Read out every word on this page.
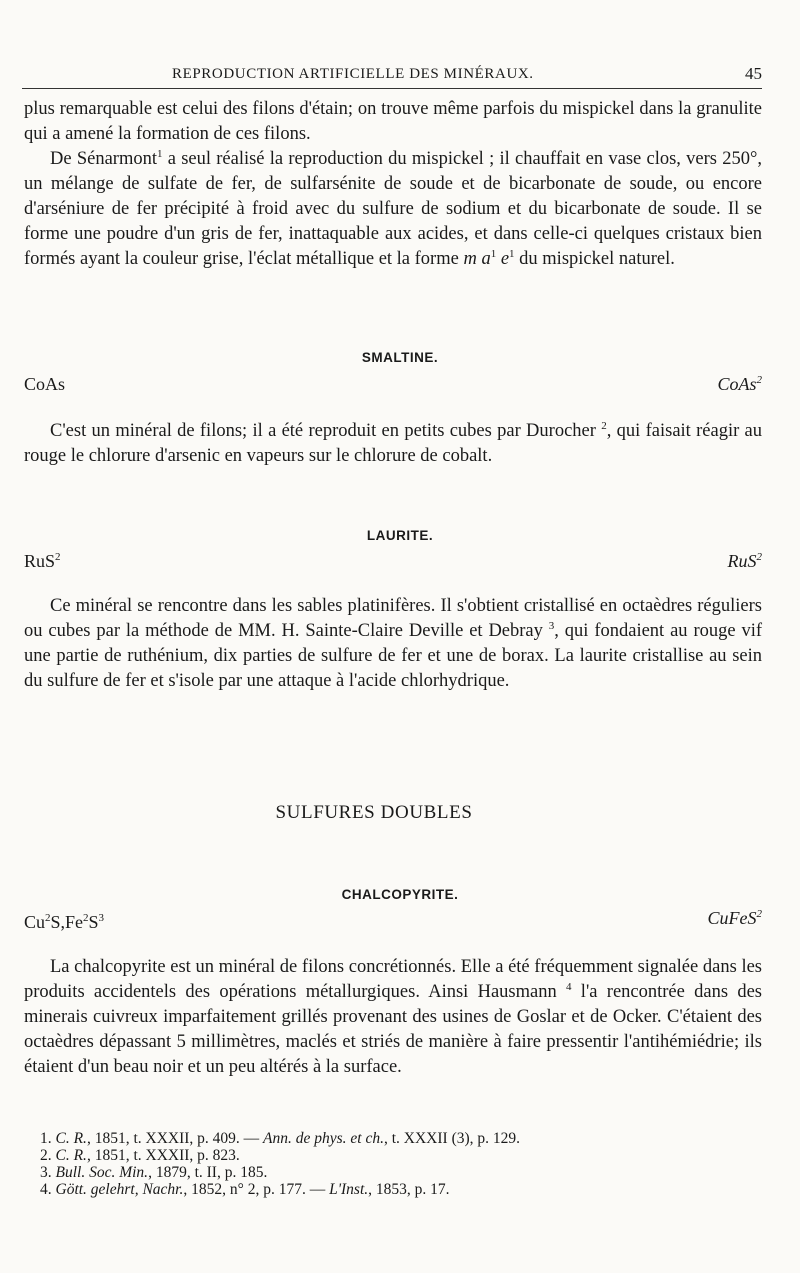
REPRODUCTION ARTIFICIELLE DES MINÉRAUX.	45

plus remarquable est celui des filons d'étain; on trouve même parfois du mispickel dans la granulite qui a amené la formation de ces filons.

De Sénarmont$^1$ a seul réalisé la reproduction du mispickel ; il chauffait en vase clos, vers 250°, un mélange de sulfate de fer, de sulfarsénite de soude et de bicarbonate de soude, ou encore d'arséniure de fer précipité à froid avec du sulfure de sodium et du bicarbonate de soude. Il se forme une poudre d'un gris de fer, inattaquable aux acides, et dans celle-ci quelques cristaux bien formés ayant la couleur grise, l'éclat métallique et la forme m $a^1$ $e^1$ du mispickel naturel.

SMALTINE.
CoAs	CoAs$^2$

C'est un minéral de filons; il a été reproduit en petits cubes par Durocher $^2$, qui faisait réagir au rouge le chlorure d'arsenic en vapeurs sur le chlorure de cobalt.

LAURITE.
RuS$^2$	RuS$^2$

Ce minéral se rencontre dans les sables platinifères. Il s'obtient cristallisé en octaèdres réguliers ou cubes par la méthode de MM. H. Sainte-Claire Deville et Debray $^3$, qui fondaient au rouge vif une partie de ruthénium, dix parties de sulfure de fer et une de borax. La laurite cristallise au sein du sulfure de fer et s'isole par une attaque à l'acide chlorhydrique.

SULFURES DOUBLES
CHALCOPYRITE.
$Cu^2S,Fe^2S^3$	CuFeS$^2$

La chalcopyrite est un minéral de filons concrétionnés. Elle a été fréquemment signalée dans les produits accidentels des opérations métallurgiques. Ainsi Hausmann $^4$ l'a rencontrée dans des minerais cuivreux imparfaitement grillés provenant des usines de Goslar et de Ocker. C'étaient des octaèdres dépassant 5 millimètres, maclés et striés de manière à faire pressentir l'antihémiédrie; ils étaient d'un beau noir et un peu altérés à la surface.

1. C. R., 1851, t. XXXII, p. 409. — Ann. de phys. et ch., t. XXXII (3), p. 129.
2. C. R., 1851, t. XXXII, p. 823.
3. Bull. Soc. Min., 1879, t. II, p. 185.
4. Gött. gelehrt, Nachr., 1852, n° 2, p. 177. — L'Inst., 1853, p. 17.
